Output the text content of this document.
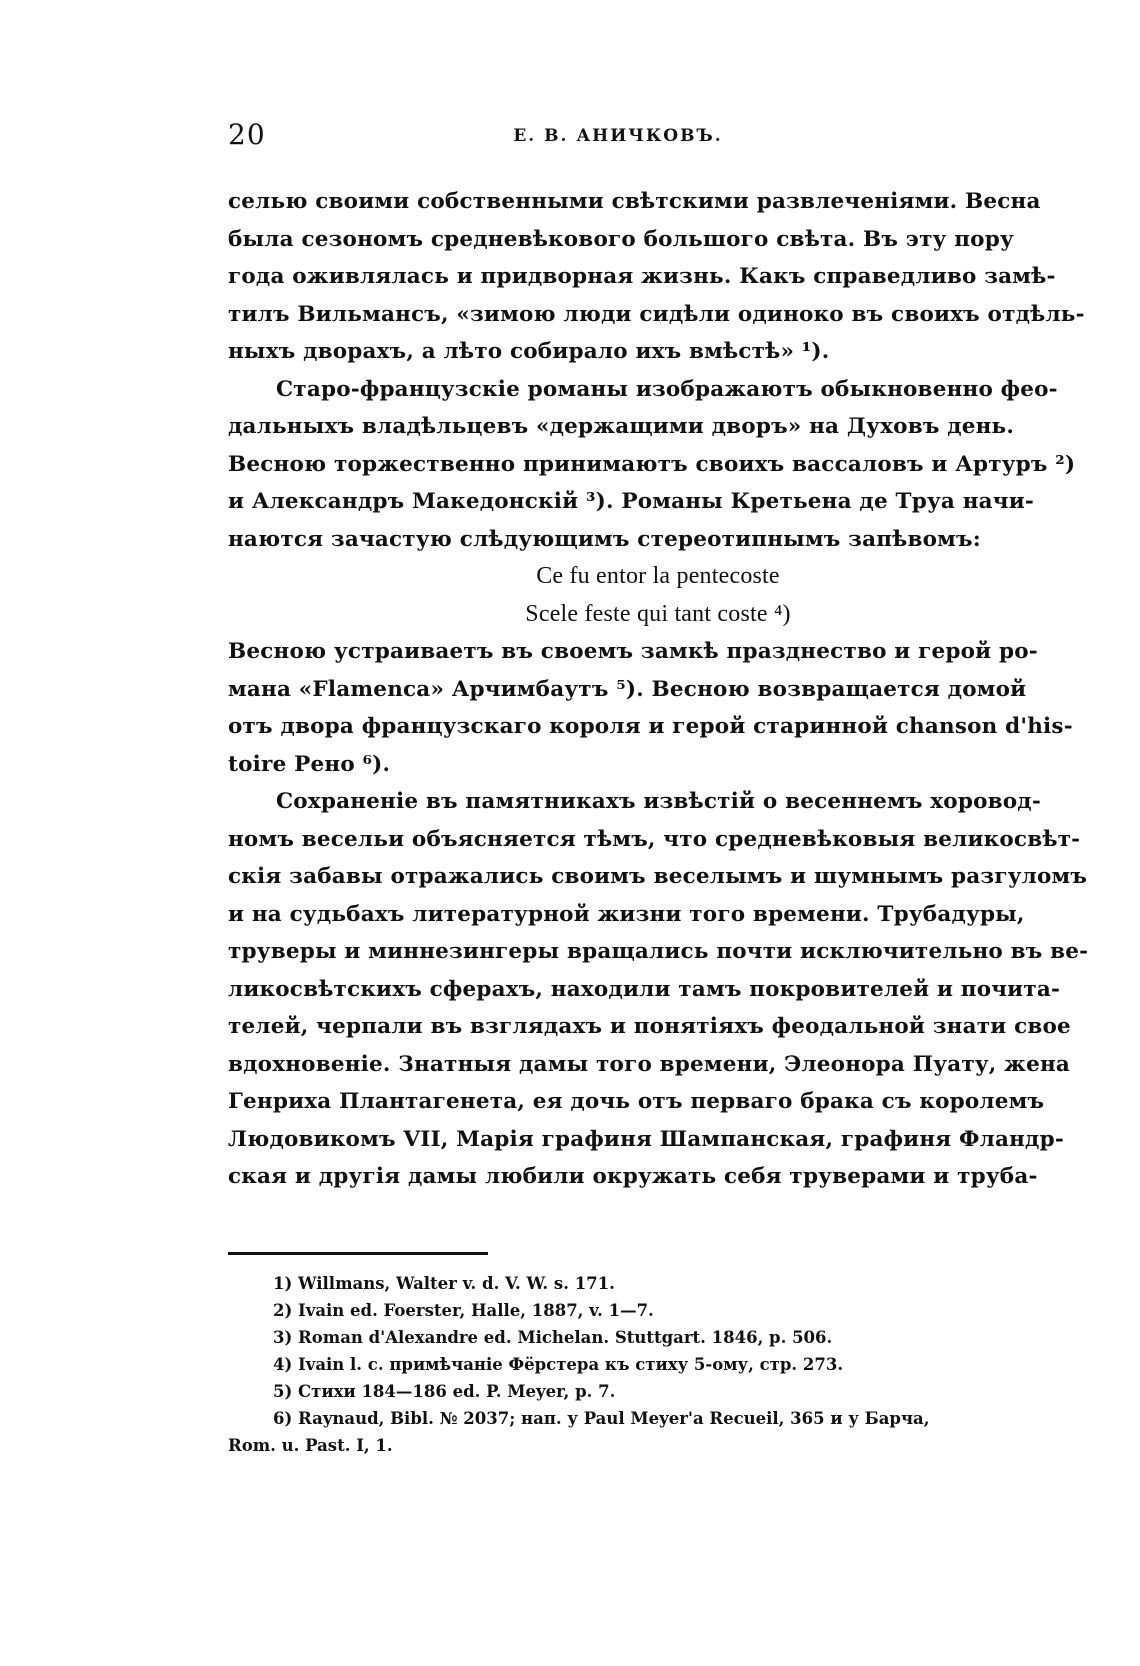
20	Е. В. АНИЧКОВЪ.
селью своими собственными свѣтскими развлеченіями. Весна
была сезономъ средневѣкового большого свѣта. Въ эту пору
года оживлялась и придворная жизнь. Какъ справедливо замѣ-
тилъ Вильмансъ, «зимою люди сидѣли одиноко въ своихъ отдѣль-
ныхъ дворахъ, а лѣто собирало ихъ вмѣстѣ» ¹).
Старо-французскіе романы изображаютъ обыкновенно фео-
дальныхъ владѣльцевъ «держащими дворъ» на Духовъ день.
Весною торжественно принимаютъ своихъ вассаловъ и Артуръ ²)
и Александръ Македонскій ³). Романы Кретьена де Труа начи-
наются зачастую слѣдующимъ стереотипнымъ запѣвомъ:
Ce fu entor la pentecoste
Scele feste qui tant coste ⁴)
Весною устраиваетъ въ своемъ замкѣ празднество и герой ро-
мана «Flamenca» Арчимбаутъ ⁵). Весною возвращается домой
отъ двора французскаго короля и герой старинной chanson d'his-
toire Рено ⁶).
Сохраненіе въ памятникахъ извѣстій о весеннемъ хоровод-
номъ весельи объясняется тѣмъ, что средневѣковыя великосвѣт-
скія забавы отражались своимъ веселымъ и шумнымъ разгуломъ
и на судьбахъ литературной жизни того времени. Трубадуры,
труверы и миннезингеры вращались почти исключительно въ ве-
ликосвѣтскихъ сферахъ, находили тамъ покровителей и почита-
телей, черпали въ взглядахъ и понятіяхъ феодальной знати свое
вдохновеніе. Знатныя дамы того времени, Элеонора Пуату, жена
Генриха Плантагенета, ея дочь отъ перваго брака съ королемъ
Людовикомъ VII, Марія графиня Шампанская, графиня Фландр-
ская и другія дамы любили окружать себя труверами и труба-
1) Willmans, Walter v. d. V. W. s. 171.
2) Ivain ed. Foerster, Halle, 1887, v. 1—7.
3) Roman d'Alexandre ed. Michelan. Stuttgart. 1846, p. 506.
4) Ivain l. c. примѣчаніе Фёрстера къ стиху 5-ому, стр. 273.
5) Стихи 184—186 ed. P. Meyer, p. 7.
6) Raynaud, Bibl. № 2037; нап. у Paul Meyer'a Recueil, 365 и у Барча,
Rom. u. Past. I, 1.
